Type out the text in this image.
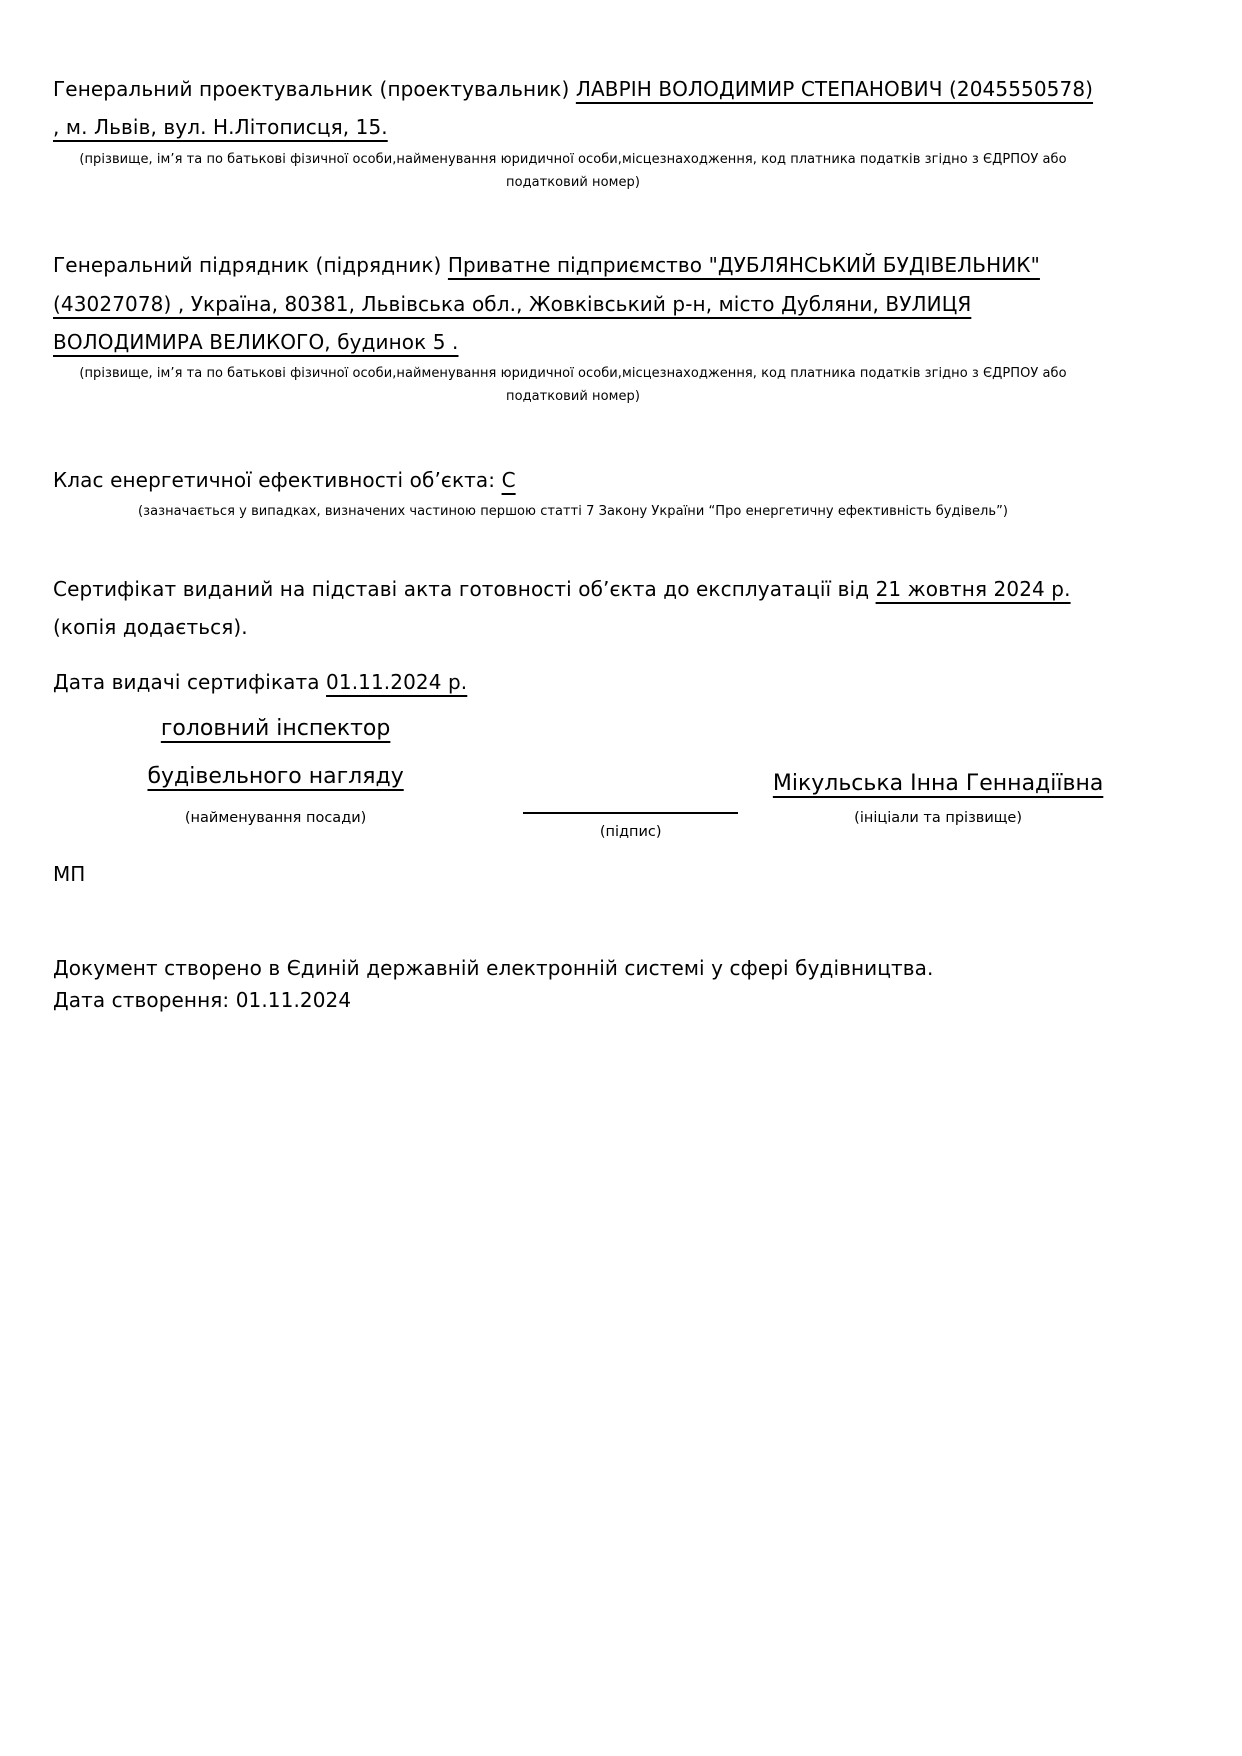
Генеральний проектувальник (проектувальник) ЛАВРІН ВОЛОДИМИР СТЕПАНОВИЧ (2045550578) , м. Львів, вул. Н.Літописця, 15.

(прізвище, ім’я та по батькові фізичної особи,найменування юридичної особи,місцезнаходження, код платника податків згідно з ЄДРПОУ або податковий номер)

Генеральний підрядник (підрядник) Приватне підприємство "ДУБЛЯНСЬКИЙ БУДІВЕЛЬНИК" (43027078) , Україна, 80381, Львівська обл., Жовківський р-н, місто Дубляни, ВУЛИЦЯ ВОЛОДИМИРА ВЕЛИКОГО, будинок 5 .

(прізвище, ім’я та по батькові фізичної особи,найменування юридичної особи,місцезнаходження, код платника податків згідно з ЄДРПОУ або податковий номер)

Клас енергетичної ефективності об’єкта: С

(зазначається у випадках, визначених частиною першою статті 7 Закону України “Про енергетичну ефективність будівель”)

Сертифікат виданий на підставі акта готовності об’єкта до експлуатації від 21 жовтня 2024 р. (копія додається).

Дата видачі сертифіката 01.11.2024 р.

головний інспектор будівельного нагляду
(найменування посади)
(підпис)
Мікульська Інна Геннадіївна
(ініціали та прізвище)
МП
Документ створено в Єдиній державній електронній системі у сфері будівництва.
Дата створення: 01.11.2024
